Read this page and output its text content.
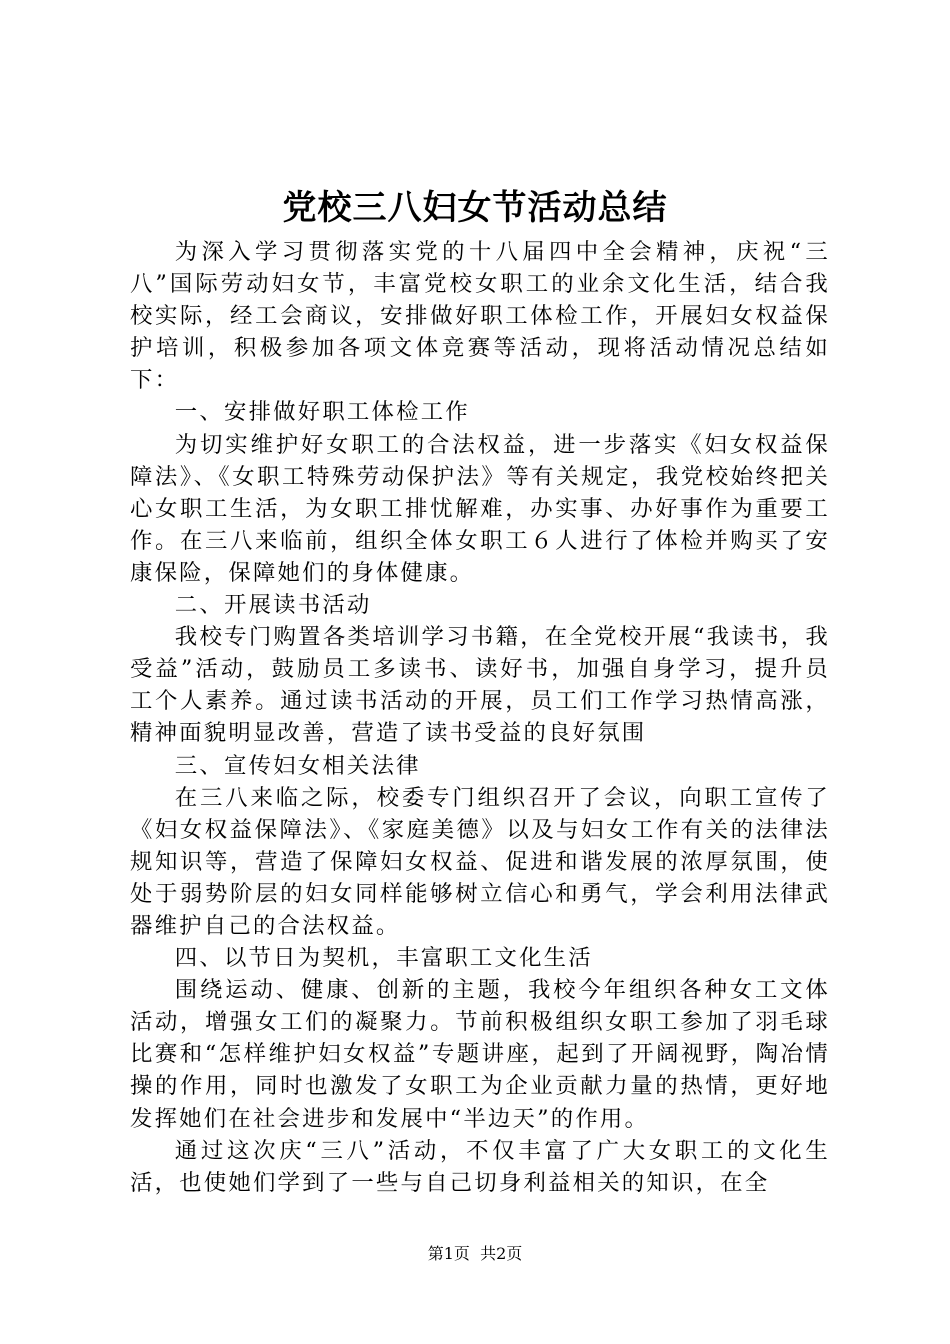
党校三八妇女节活动总结

为深入学习贯彻落实党的十八届四中全会精神，庆祝“三八”国际劳动妇女节，丰富党校女职工的业余文化生活，结合我校实际，经工会商议，安排做好职工体检工作，开展妇女权益保护培训，积极参加各项文体竞赛等活动，现将活动情况总结如下：

一、安排做好职工体检工作

为切实维护好女职工的合法权益，进一步落实《妇女权益保障法》、《女职工特殊劳动保护法》等有关规定，我党校始终把关心女职工生活，为女职工排忧解难，办实事、办好事作为重要工作。在三八来临前，组织全体女职工６人进行了体检并购买了安康保险，保障她们的身体健康。

二、开展读书活动

我校专门购置各类培训学习书籍，在全党校开展“我读书，我受益”活动，鼓励员工多读书、读好书，加强自身学习，提升员工个人素养。通过读书活动的开展，员工们工作学习热情高涨，精神面貌明显改善，营造了读书受益的良好氛围

三、宣传妇女相关法律

在三八来临之际，校委专门组织召开了会议，向职工宣传了《妇女权益保障法》、《家庭美德》以及与妇女工作有关的法律法规知识等，营造了保障妇女权益、促进和谐发展的浓厚氛围，使处于弱势阶层的妇女同样能够树立信心和勇气，学会利用法律武器维护自己的合法权益。

四、以节日为契机，丰富职工文化生活

围绕运动、健康、创新的主题，我校今年组织各种女工文体活动，增强女工们的凝聚力。节前积极组织女职工参加了羽毛球比赛和“怎样维护妇女权益”专题讲座，起到了开阔视野，陶冶情操的作用，同时也激发了女职工为企业贡献力量的热情，更好地发挥她们在社会进步和发展中“半边天”的作用。

通过这次庆“三八”活动，不仅丰富了广大女职工的文化生活，也使她们学到了一些与自己切身利益相关的知识，在全

第1页  共2页
